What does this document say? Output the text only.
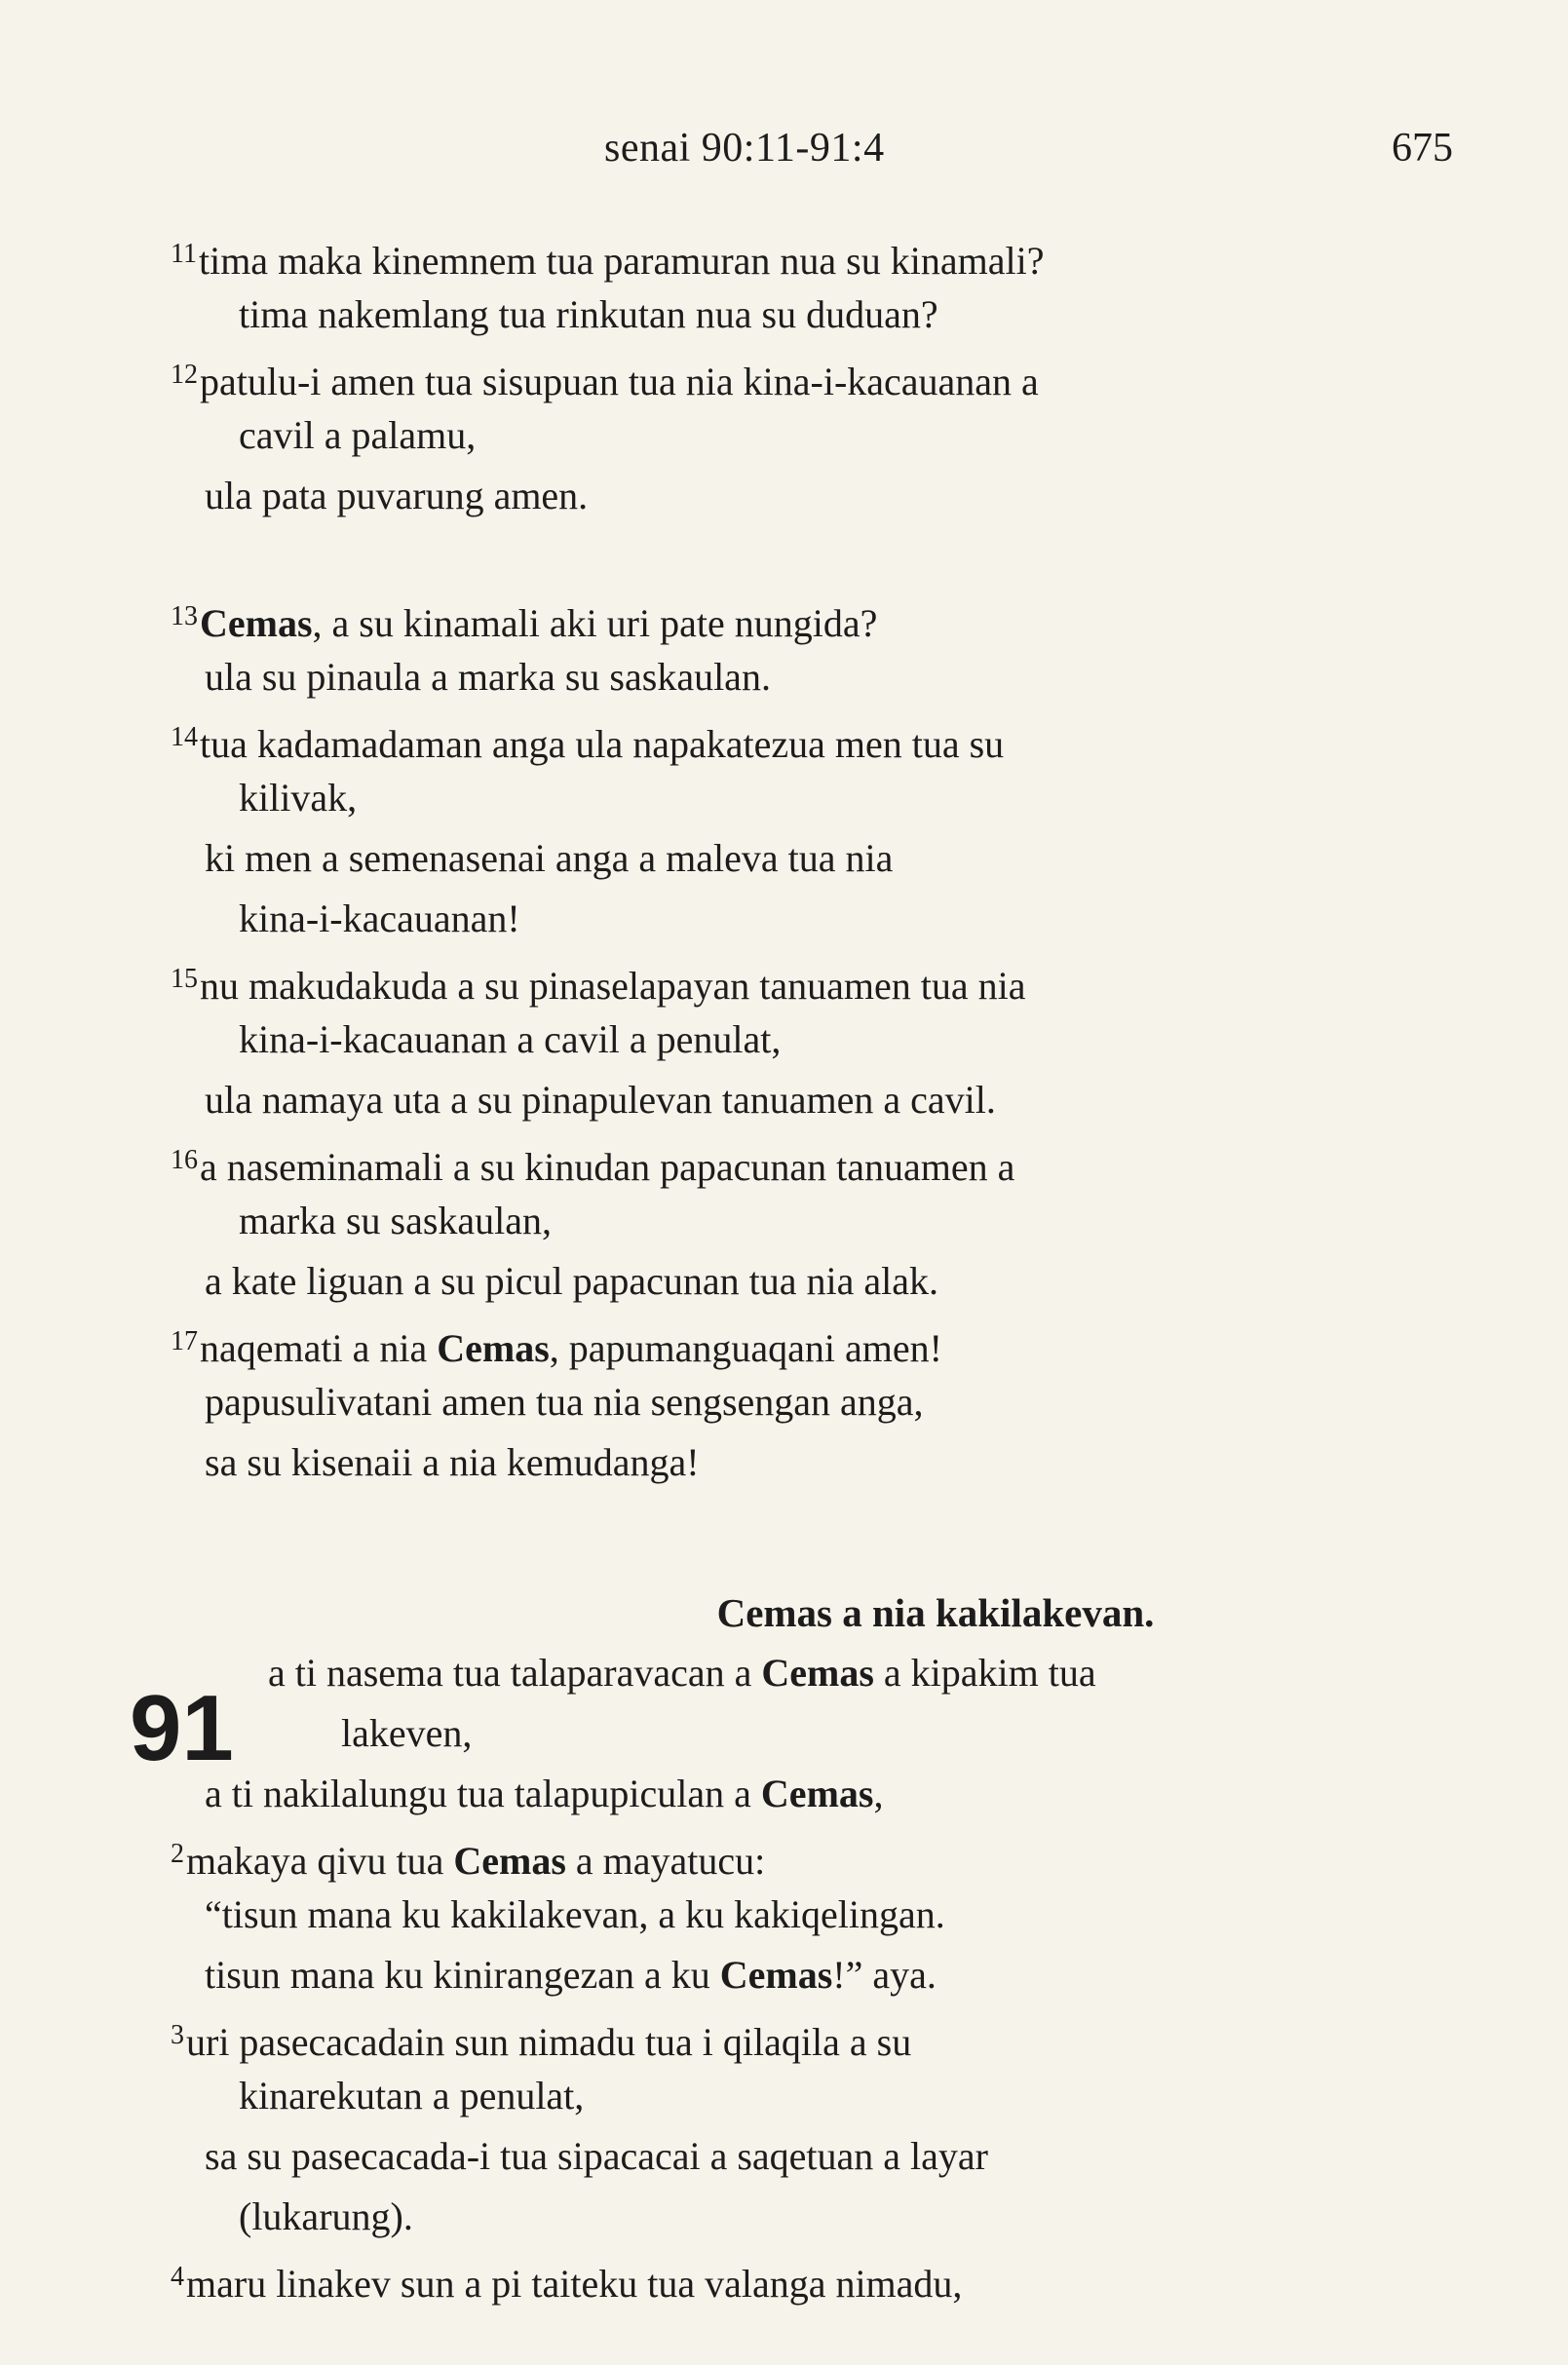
senai 90:11-91:4	675
$^{11}$tima maka kinemnem tua paramuran nua su kinamali?
tima nakemlang tua rinkutan nua su duduan?
$^{12}$patulu-i amen tua sisupuan tua nia kina-i-kacauanan a
cavil a palamu,
ula pata puvarung amen.
$^{13}$Cemas, a su kinamali aki uri pate nungida?
ula su pinaula a marka su saskaulan.
$^{14}$tua kadamadaman anga ula napakatezua men tua su
kilivak,
ki men a semenasenai anga a maleva tua nia
kina-i-kacauanan!
$^{15}$nu makudakuda a su pinaselapayan tanuamen tua nia
kina-i-kacauanan a cavil a penulat,
ula namaya uta a su pinapulevan tanuamen a cavil.
$^{16}$a naseminamali a su kinudan papacunan tanuamen a
marka su saskaulan,
a kate liguan a su picul papacunan tua nia alak.
$^{17}$naqemati a nia Cemas, papumanguaqani amen!
papusulivatani amen tua nia sengsengan anga,
sa su kisenaii a nia kemudanga!
Cemas a nia kakilakevan.
91
a ti nasema tua talaparavacan a Cemas a kipakim tua
lakeven,
a ti nakilalungu tua talapupiculan a Cemas,
$^2$makaya qivu tua Cemas a mayatucu:
“tisun mana ku kakilakevan, a ku kakiqelingan.
tisun mana ku kinirangezan a ku Cemas!” aya.
$^3$uri pasecacadain sun nimadu tua i qilaqila a su
kinarekutan a penulat,
sa su pasecacada-i tua sipacacai a saqetuan a layar
(lukarung).
$^4$maru linakev sun a pi taiteku tua valanga nimadu,
